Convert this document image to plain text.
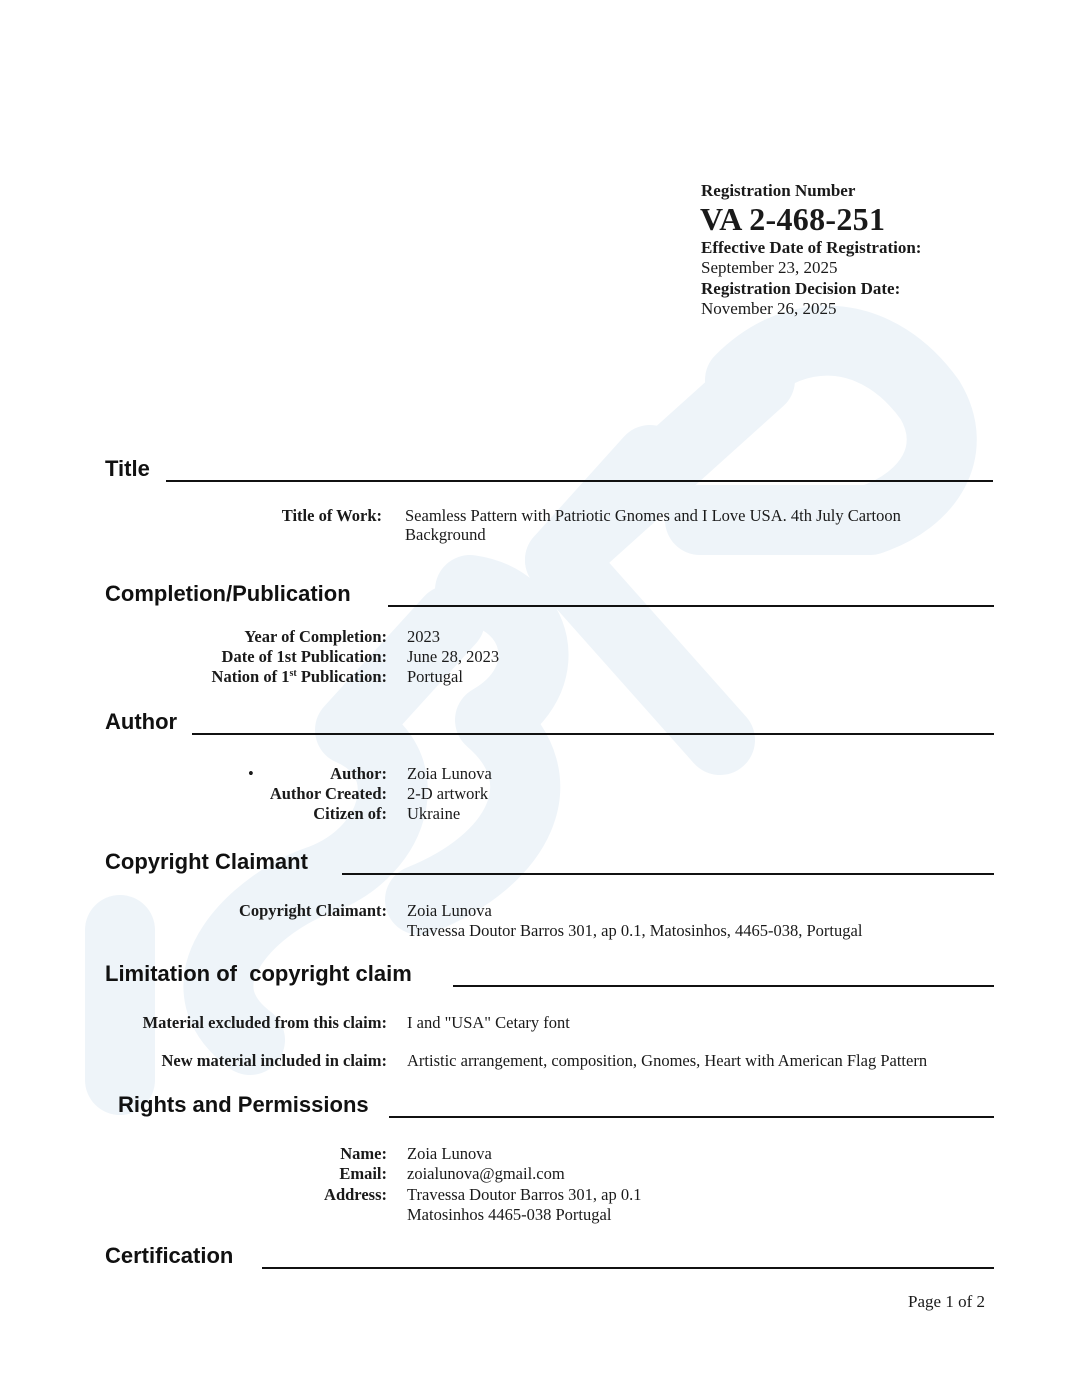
Registration Number
VA 2-468-251
Effective Date of Registration:
September 23, 2025
Registration Decision Date:
November 26, 2025
Title
Title of Work: Seamless Pattern with Patriotic Gnomes and I Love USA. 4th July Cartoon
Background
Completion/Publication
Year of Completion: 2023
Date of 1st Publication: June 28, 2023
Nation of 1st Publication: Portugal
Author
•	Author: Zoia Lunova
Author Created: 2-D artwork
Citizen of: Ukraine
Copyright Claimant
Copyright Claimant: Zoia Lunova
Travessa Doutor Barros 301, ap 0.1, Matosinhos, 4465-038, Portugal
Limitation of  copyright claim
Material excluded from this claim: I and "USA" Cetary font
New material included in claim: Artistic arrangement, composition, Gnomes, Heart with American Flag Pattern
Rights and Permissions
Name: Zoia Lunova
Email: zoialunova@gmail.com
Address: Travessa Doutor Barros 301, ap 0.1
Matosinhos 4465-038 Portugal
Certification
Page 1 of 2
